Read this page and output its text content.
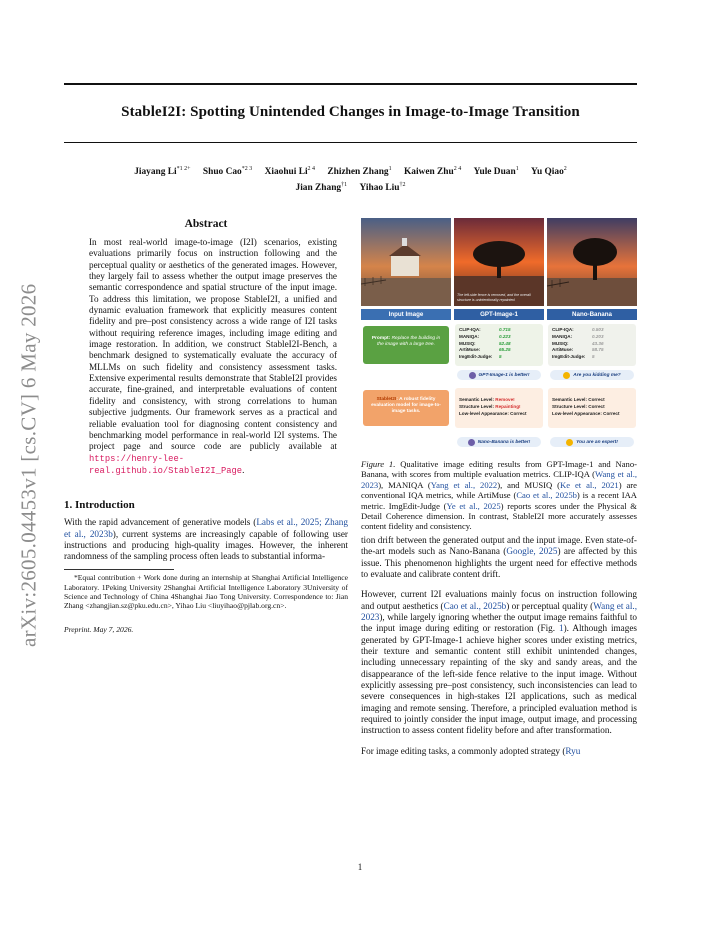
arXiv:2605.04453v1 [cs.CV] 6 May 2026
StableI2I: Spotting Unintended Changes in Image-to-Image Transition
Jiayang $Li^{*1 2+}$ Shuo Cao$^{*2 3}$ Xiaohui $Li^{2 4}$ Zhizhen Zhang$^1$ Kaiwen Zhu$^{2 4}$ Yule Duan$^1$ Yu Qiao$^2$
Jian Zhang$^{\dagger 1}$ Yihao Liu$^{\dagger 2}$
Abstract

In most real-world image-to-image (I2I) scenarios, existing evaluations primarily focus on instruction following and the perceptual quality or aesthetics of the generated images. However, they largely fail to assess whether the output image preserves the semantic correspondence and spatial structure of the input image. To address this limitation, we propose StableI2I, a unified and dynamic evaluation framework that explicitly measures content fidelity and pre–post consistency across a wide range of I2I tasks without requiring reference images, including image editing and image restoration. In addition, we construct StableI2I-Bench, a benchmark designed to systematically evaluate the accuracy of MLLMs on such fidelity and consistency assessment tasks. Extensive experimental results demonstrate that StableI2I provides accurate, fine-grained, and interpretable evaluations of content fidelity and consistency, with strong correlations to human subjective judgments. Our framework serves as a practical and reliable evaluation tool for diagnosing content consistency and benchmarking model performance in real-world I2I systems. The project page and source code are publicly available at https://henry-lee-real.github.io/StableI2I_Page.

1. Introduction

With the rapid advancement of generative models (Labs et al., 2025; Zhang et al., 2023b), current systems are increasingly capable of following user instructions and producing high-quality images. However, the inherent randomness of the sampling process often leads to substantial informa-

*Equal contribution + Work done during an internship at Shanghai Artificial Intelligence Laboratory. 1Peking University 2Shanghai Artificial Intelligence Laboratory 3University of Science and Technology of China 4Shanghai Jiao Tong University. Correspondence to: Jian Zhang <zhangjian.sz@pku.edu.cn>, Yihao Liu <liuyihao@pjlab.org.cn>.

Preprint. May 7, 2026.

The left-side fence is removed, and the overall structure is unintentionally repainted.
Input Image	GPT-Image-1	Nano-Banana
Prompt: Replace the building in the image with a large tree.
CLIP-IQA:	0.715
MANIQA:	0.223
MUSIQ:	52.48
ArtiMuse:	65.25
ImgEdit-Judge:	5
CLIP-IQA:	0.503
MANIQA:	0.203
MUSIQ:	43.36
ArtiMuse:	58.75
ImgEdit-Judge:	5
GPT-Image-1 is better!	Are you kidding me?
StableI2I: A robust fidelity evaluation model for image-to-image tasks.
Semantic Level: Remove!
Structure Level: Repainting!
Low-level Appearance: Correct
Semantic Level: Correct
Structure Level: Correct
Low-level Appearance: Correct
Nano-Banana is better!	You are an expert!

Figure 1. Qualitative image editing results from GPT-Image-1 and Nano-Banana, with scores from multiple evaluation metrics. CLIP-IQA (Wang et al., 2023), MANIQA (Yang et al., 2022), and MUSIQ (Ke et al., 2021) are conventional IQA metrics, while ArtiMuse (Cao et al., 2025b) is a recent IAA metric. ImgEdit-Judge (Ye et al., 2025) reports scores under the Physical & Detail Coherence dimension. In contrast, StableI2I more accurately assesses content fidelity and consistency.

tion drift between the generated output and the input image. Even state-of-the-art models such as Nano-Banana (Google, 2025) are affected by this issue. This phenomenon highlights the urgent need for effective methods to evaluate and calibrate content drift.

However, current I2I evaluations mainly focus on instruction following and output aesthetics (Cao et al., 2025b) or perceptual quality (Wang et al., 2023), while largely ignoring whether the output image remains faithful to the input image during editing or restoration (Fig. 1). Although images generated by GPT-Image-1 achieve higher scores under existing metrics, their texture and semantic content still exhibit unintended changes, including unnecessary repainting of the sky and sandy areas, and the disappearance of the left-side fence relative to the input image. Without explicitly assessing pre–post consistency, such inconsistencies can lead to severe consequences in high-stakes I2I applications, such as medical imaging and remote sensing. Therefore, a principled evaluation method is required to jointly consider the input image, output image, and processing instruction to assess content fidelity before and after transformation.

For image editing tasks, a commonly adopted strategy (Ryu

1
